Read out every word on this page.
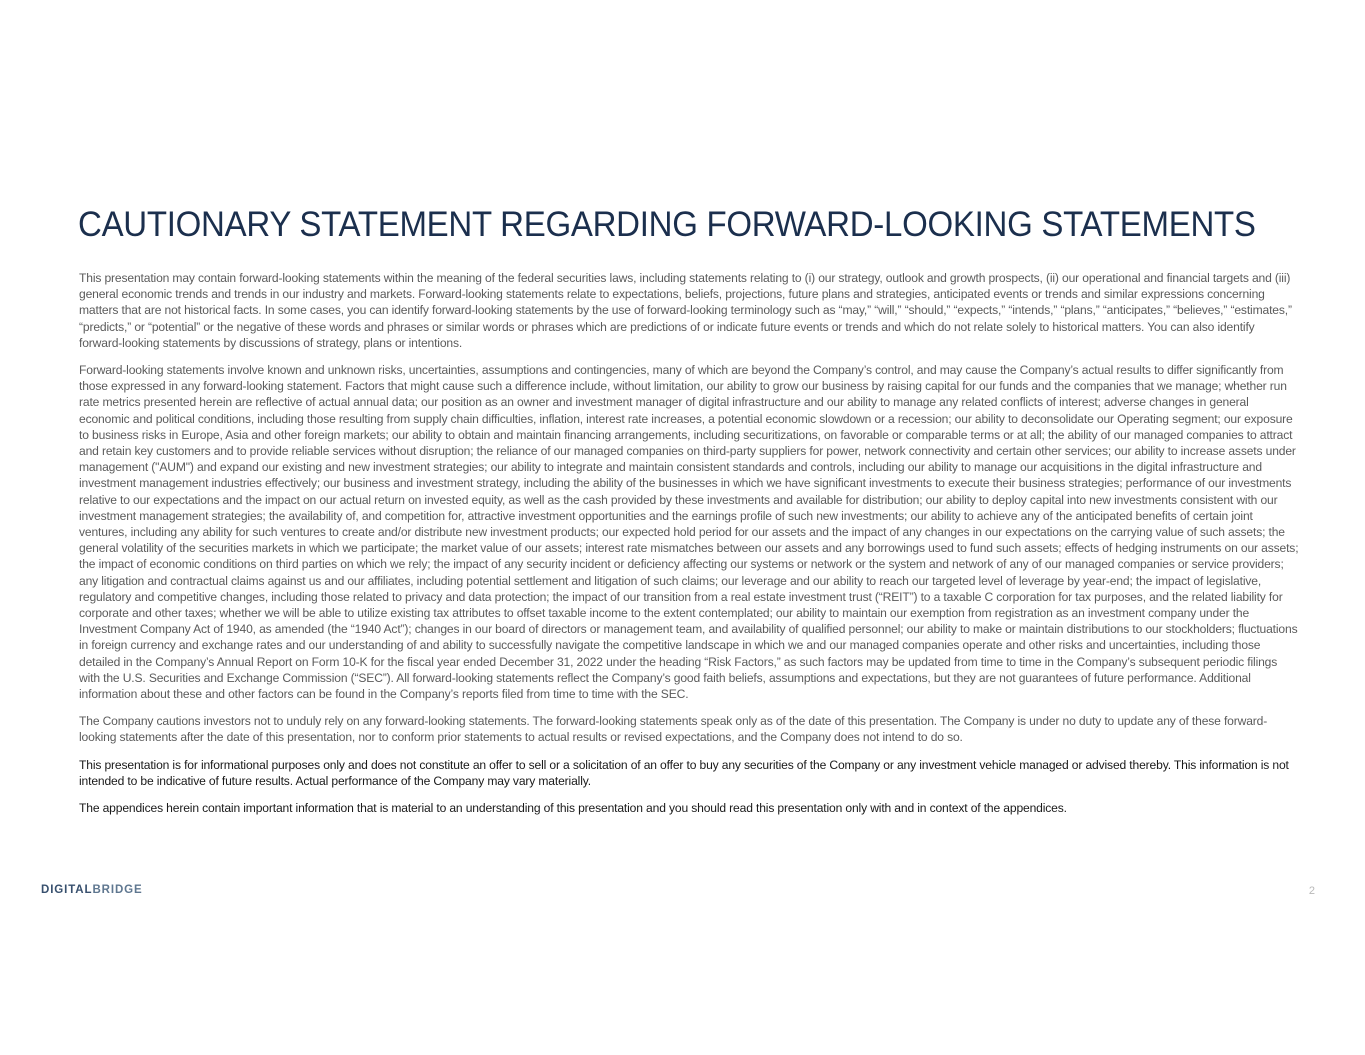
CAUTIONARY STATEMENT REGARDING FORWARD-LOOKING STATEMENTS

This presentation may contain forward-looking statements within the meaning of the federal securities laws, including statements relating to (i) our strategy, outlook and growth prospects, (ii) our operational and financial targets and (iii) general economic trends and trends in our industry and markets. Forward-looking statements relate to expectations, beliefs, projections, future plans and strategies, anticipated events or trends and similar expressions concerning matters that are not historical facts. In some cases, you can identify forward-looking statements by the use of forward-looking terminology such as “may,” “will,” “should,” “expects,” “intends,” “plans,” “anticipates,” “believes,” “estimates,” “predicts,” or “potential” or the negative of these words and phrases or similar words or phrases which are predictions of or indicate future events or trends and which do not relate solely to historical matters. You can also identify forward-looking statements by discussions of strategy, plans or intentions.

Forward-looking statements involve known and unknown risks, uncertainties, assumptions and contingencies, many of which are beyond the Company’s control, and may cause the Company’s actual results to differ significantly from those expressed in any forward-looking statement. Factors that might cause such a difference include, without limitation, our ability to grow our business by raising capital for our funds and the companies that we manage; whether run rate metrics presented herein are reflective of actual annual data; our position as an owner and investment manager of digital infrastructure and our ability to manage any related conflicts of interest; adverse changes in general economic and political conditions, including those resulting from supply chain difficulties, inflation, interest rate increases, a potential economic slowdown or a recession; our ability to deconsolidate our Operating segment; our exposure to business risks in Europe, Asia and other foreign markets; our ability to obtain and maintain financing arrangements, including securitizations, on favorable or comparable terms or at all; the ability of our managed companies to attract and retain key customers and to provide reliable services without disruption; the reliance of our managed companies on third-party suppliers for power, network connectivity and certain other services; our ability to increase assets under management ("AUM") and expand our existing and new investment strategies; our ability to integrate and maintain consistent standards and controls, including our ability to manage our acquisitions in the digital infrastructure and investment management industries effectively; our business and investment strategy, including the ability of the businesses in which we have significant investments to execute their business strategies; performance of our investments relative to our expectations and the impact on our actual return on invested equity, as well as the cash provided by these investments and available for distribution; our ability to deploy capital into new investments consistent with our investment management strategies; the availability of, and competition for, attractive investment opportunities and the earnings profile of such new investments; our ability to achieve any of the anticipated benefits of certain joint ventures, including any ability for such ventures to create and/or distribute new investment products; our expected hold period for our assets and the impact of any changes in our expectations on the carrying value of such assets; the general volatility of the securities markets in which we participate; the market value of our assets; interest rate mismatches between our assets and any borrowings used to fund such assets; effects of hedging instruments on our assets; the impact of economic conditions on third parties on which we rely; the impact of any security incident or deficiency affecting our systems or network or the system and network of any of our managed companies or service providers; any litigation and contractual claims against us and our affiliates, including potential settlement and litigation of such claims; our leverage and our ability to reach our targeted level of leverage by year-end; the impact of legislative, regulatory and competitive changes, including those related to privacy and data protection; the impact of our transition from a real estate investment trust (“REIT”) to a taxable C corporation for tax purposes, and the related liability for corporate and other taxes; whether we will be able to utilize existing tax attributes to offset taxable income to the extent contemplated; our ability to maintain our exemption from registration as an investment company under the Investment Company Act of 1940, as amended (the “1940 Act”); changes in our board of directors or management team, and availability of qualified personnel; our ability to make or maintain distributions to our stockholders; fluctuations in foreign currency and exchange rates and our understanding of and ability to successfully navigate the competitive landscape in which we and our managed companies operate and other risks and uncertainties, including those detailed in the Company’s Annual Report on Form 10-K for the fiscal year ended December 31, 2022 under the heading “Risk Factors,” as such factors may be updated from time to time in the Company’s subsequent periodic filings with the U.S. Securities and Exchange Commission (“SEC”). All forward-looking statements reflect the Company’s good faith beliefs, assumptions and expectations, but they are not guarantees of future performance. Additional information about these and other factors can be found in the Company’s reports filed from time to time with the SEC.

The Company cautions investors not to unduly rely on any forward-looking statements. The forward-looking statements speak only as of the date of this presentation. The Company is under no duty to update any of these forward-looking statements after the date of this presentation, nor to conform prior statements to actual results or revised expectations, and the Company does not intend to do so.

This presentation is for informational purposes only and does not constitute an offer to sell or a solicitation of an offer to buy any securities of the Company or any investment vehicle managed or advised thereby. This information is not intended to be indicative of future results. Actual performance of the Company may vary materially.

The appendices herein contain important information that is material to an understanding of this presentation and you should read this presentation only with and in context of the appendices.

DIGITALBRIDGE	2
